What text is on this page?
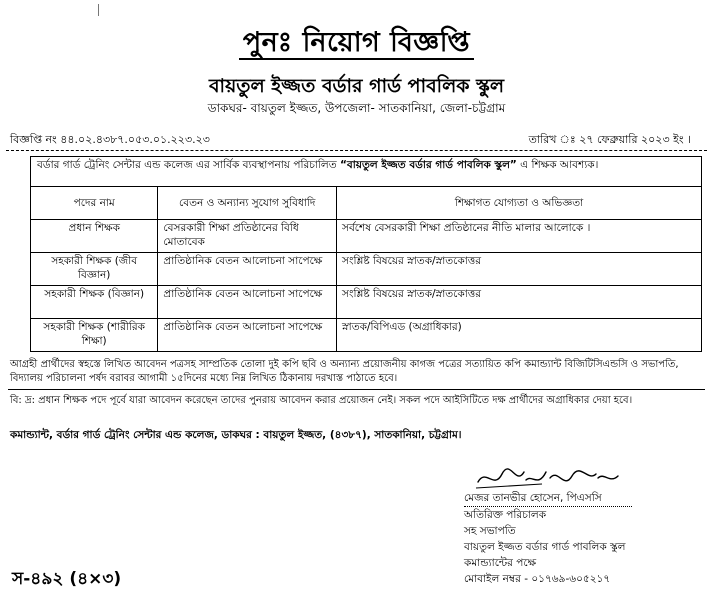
পুনঃ নিয়োগ বিজ্ঞপ্তি
বায়তুল ইজ্জত বর্ডার গার্ড পাবলিক স্কুল
ডাকঘর- বায়তুল ইজ্জত, উপজেলা- সাতকানিয়া, জেলা-চট্টগ্রাম
বিজ্ঞপ্তি নং ৪৪.০২.৪৩৮৭.০৫৩.০১.২২৩.২৩	তারিখ ঃ ২৭ ফেব্রুয়ারি ২০২৩ ইং ।
বর্ডার গার্ড ট্রেনিং সেন্টার এন্ড কলেজ এর সার্বিক ব্যবস্থাপনায় পরিচালিত “বায়তুল ইজ্জত বর্ডার গার্ড পাবলিক স্কুল” এ শিক্ষক আবশ্যক।
পদের নাম	বেতন ও অন্যান্য সুযোগ সুবিধাদি	শিক্ষাগত যোগ্যতা ও অভিজ্ঞতা
প্রধান শিক্ষক	বেসরকারী শিক্ষা প্রতিষ্ঠানের বিধি মোতাবেক	সর্বশেষ বেসরকারী শিক্ষা প্রতিষ্ঠানের নীতি মালার আলোকে ।
সহকারী শিক্ষক (জীব বিজ্ঞান)	প্রাতিষ্ঠানিক বেতন আলোচনা সাপেক্ষে	সংশ্লিষ্ট বিষয়ের স্নাতক/স্নাতকোত্তর
সহকারী শিক্ষক (বিজ্ঞান)	প্রাতিষ্ঠানিক বেতন আলোচনা সাপেক্ষে	সংশ্লিষ্ট বিষয়ের স্নাতক/স্নাতকোত্তর
সহকারী শিক্ষক (শারীরিক শিক্ষা)	প্রাতিষ্ঠানিক বেতন আলোচনা সাপেক্ষে	স্নাতক/বিপিএড (অগ্রাধিকার)
আগ্রহী প্রার্থীদের স্বহস্তে লিখিত আবেদন পত্রসহ সাম্প্রতিক তোলা দুই কপি ছবি ও অন্যান্য প্রয়োজনীয় কাগজ পত্রের সত্যায়িত কপি কমান্ড্যান্ট বিজিটিসিএন্ডসি ও সভাপতি, বিদ্যালয় পরিচালনা পর্ষদ বরাবর আগামী ১৫দিনের মধ্যে নিম্ন লিখিত ঠিকানায় দরখাস্ত পাঠাতে হবে।
বি: দ্র: প্রধান শিক্ষক পদে পূর্বে যারা আবেদন করেছেন তাদের পুনরায় আবেদন করার প্রয়োজন নেই। সকল পদে আইসিটিতে দক্ষ প্রার্থীদের অগ্রাধিকার দেয়া হবে।
কমান্ড্যান্ট, বর্ডার গার্ড ট্রেনিং সেন্টার এন্ড কলেজ, ডাকঘর : বায়তুল ইজ্জত, (৪৩৮৭), সাতকানিয়া, চট্টগ্রাম।
মেজর তানভীর হোসেন, পিএসসি
অতিরিক্ত পরিচালক
সহ সভাপতি
বায়তুল ইজ্জত বর্ডার গার্ড পাবলিক স্কুল
কমান্ড্যান্টের পক্ষে
মোবাইল নম্বর - ০১৭৬৯-৬০৫২১৭
স-৪৯২ (৪×৩)
